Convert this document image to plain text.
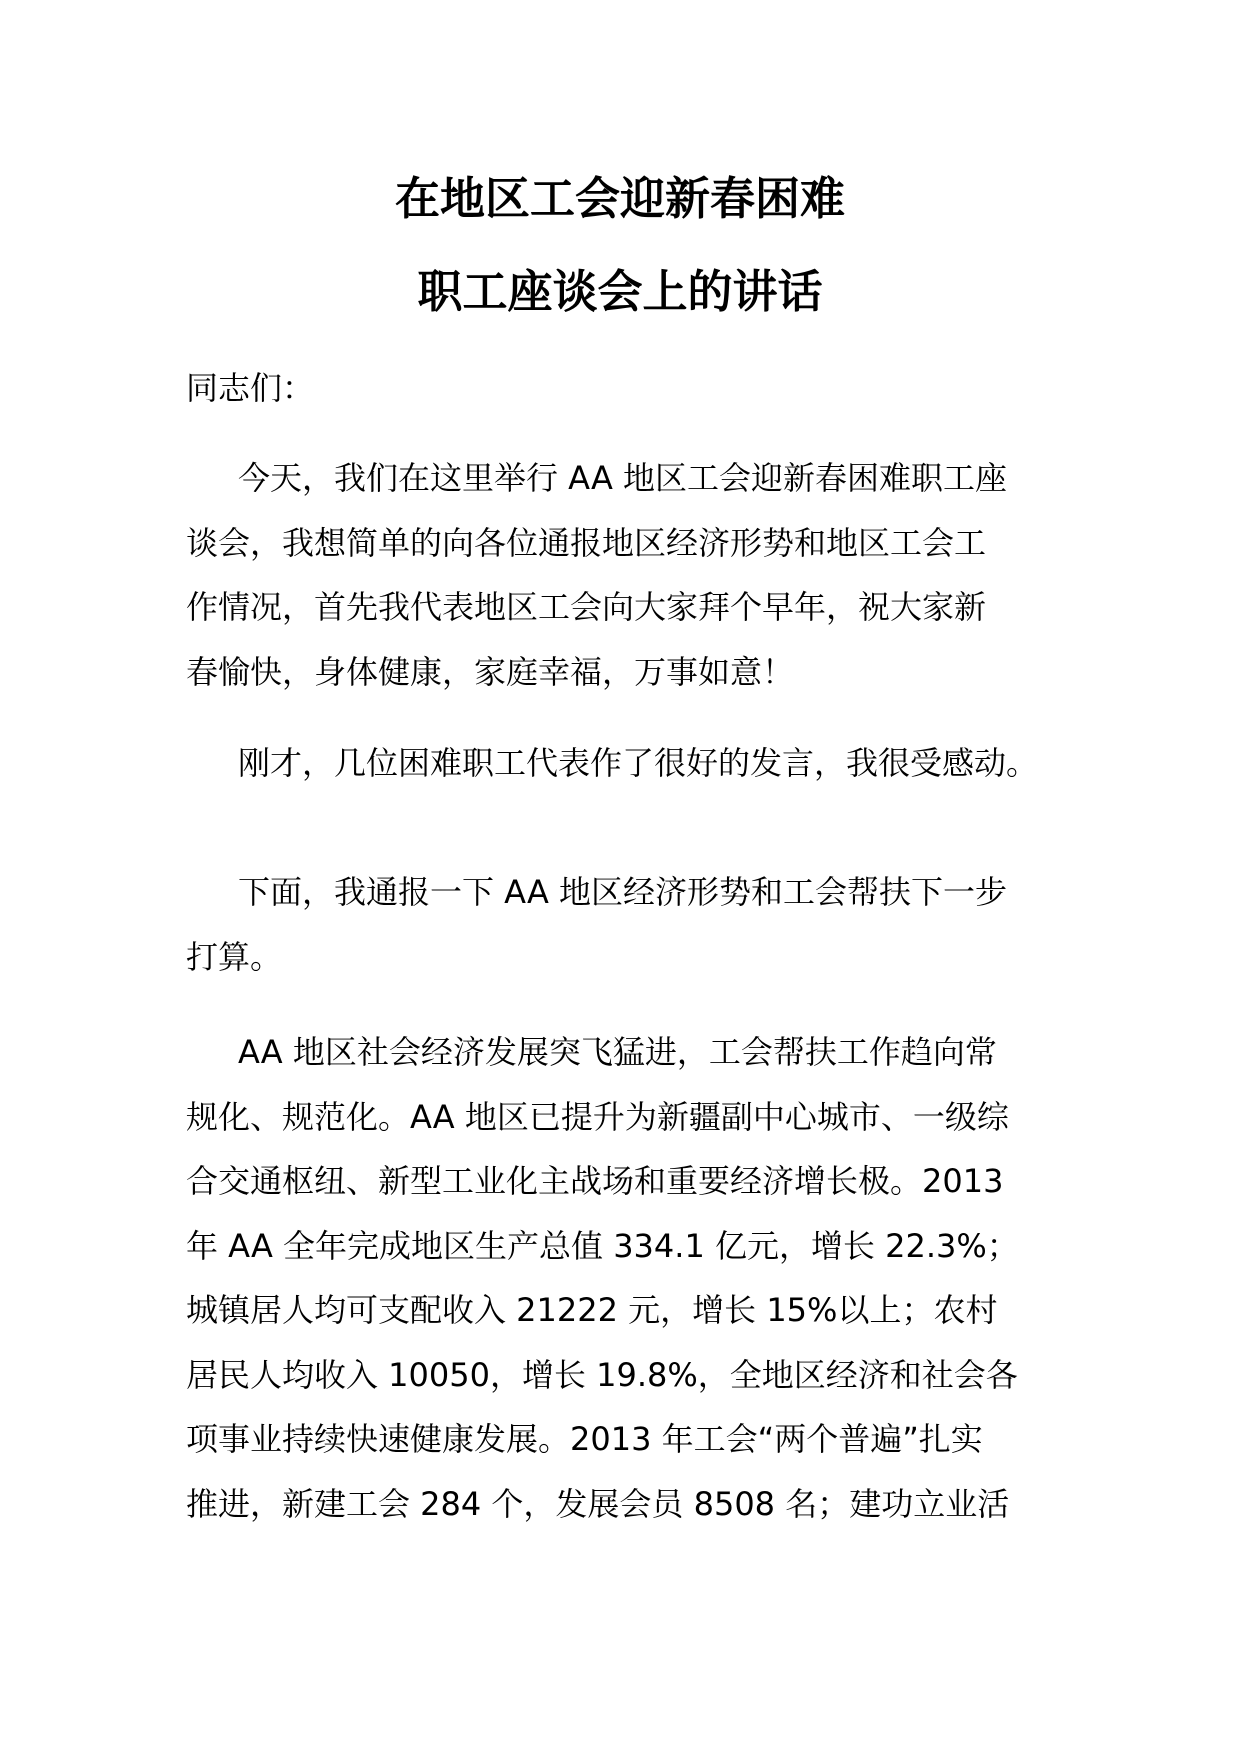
在地区工会迎新春困难
职工座谈会上的讲话
同志们：
今天，我们在这里举行 AA 地区工会迎新春困难职工座
谈会，我想简单的向各位通报地区经济形势和地区工会工
作情况，首先我代表地区工会向大家拜个早年，祝大家新
春愉快，身体健康，家庭幸福，万事如意！
刚才，几位困难职工代表作了很好的发言，我很受感动。
下面，我通报一下 AA 地区经济形势和工会帮扶下一步
打算。
AA 地区社会经济发展突飞猛进，工会帮扶工作趋向常
规化、规范化。AA 地区已提升为新疆副中心城市、一级综
合交通枢纽、新型工业化主战场和重要经济增长极。2013
年 AA 全年完成地区生产总值 334.1 亿元，增长 22.3%；
城镇居人均可支配收入 21222 元，增长 15%以上；农村
居民人均收入 10050，增长 19.8%，全地区经济和社会各
项事业持续快速健康发展。2013 年工会“两个普遍”扎实
推进，新建工会 284 个，发展会员 8508 名；建功立业活
